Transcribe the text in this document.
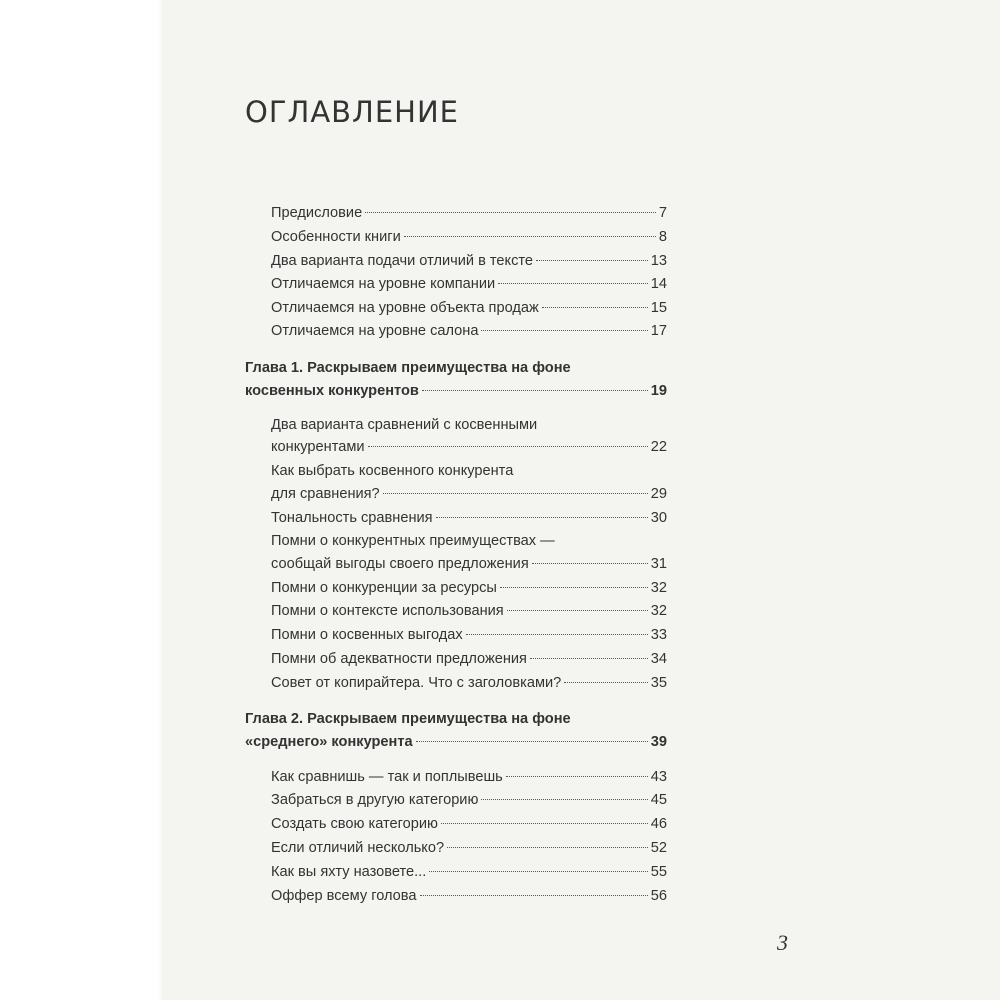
ОГЛАВЛЕНИЕ
Предисловие	7
Особенности книги	8
Два варианта подачи отличий в тексте	13
Отличаемся на уровне компании	14
Отличаемся на уровне объекта продаж	15
Отличаемся на уровне салона	17
Глава 1. Раскрываем преимущества на фоне
косвенных конкурентов	19
Два варианта сравнений с косвенными
конкурентами	22
Как выбрать косвенного конкурента
для сравнения?	29
Тональность сравнения	30
Помни о конкурентных преимуществах —
сообщай выгоды своего предложения	31
Помни о конкуренции за ресурсы	32
Помни о контексте использования	32
Помни о косвенных выгодах	33
Помни об адекватности предложения	34
Совет от копирайтера. Что с заголовками?	35
Глава 2. Раскрываем преимущества на фоне
«среднего» конкурента	39
Как сравнишь — так и поплывешь	43
Забраться в другую категорию	45
Создать свою категорию	46
Если отличий несколько?	52
Как вы яхту назовете...	55
Оффер всему голова	56
3
